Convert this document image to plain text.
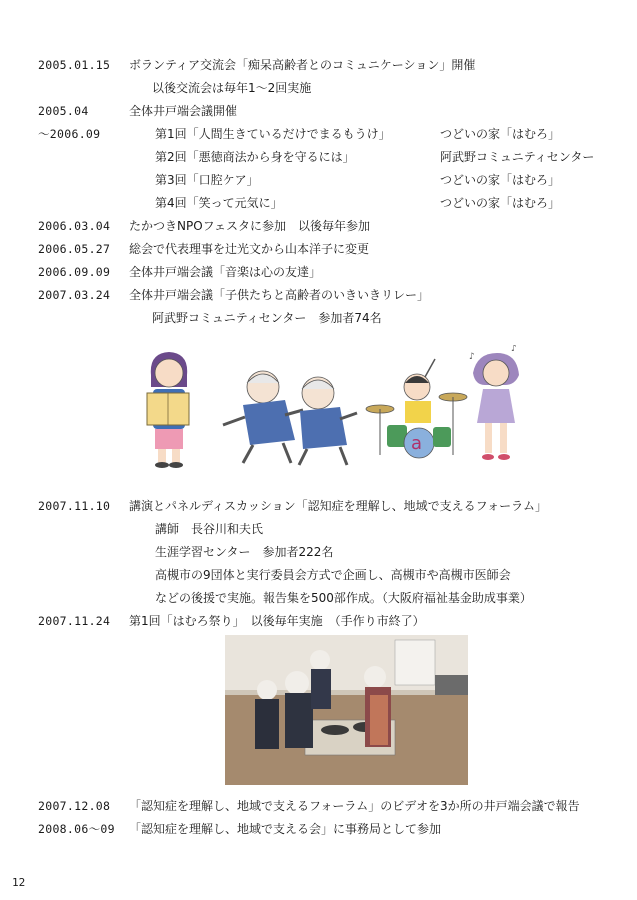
2005.01.15 ボランティア交流会「痴呆高齢者とのコミュニケーション」開催
以後交流会は毎年1～2回実施
2005.04	全体井戸端会議開催
～2006.09	第1回「人間生きているだけでまるもうけ」	つどいの家「はむろ」
第2回「悪徳商法から身を守るには」	阿武野コミュニティセンター
第3回「口腔ケア」	つどいの家「はむろ」
第4回「笑って元気に」	つどいの家「はむろ」
2006.03.04 たかつきNPOフェスタに参加　以後毎年参加
2006.05.27 総会で代表理事を辻光文から山本洋子に変更
2006.09.09 全体井戸端会議「音楽は心の友達」
2007.03.24 全体井戸端会議「子供たちと高齢者のいきいきリレー」
阿武野コミュニティセンター　参加者74名
a
♪
♪
2007.11.10 講演とパネルディスカッション「認知症を理解し、地域で支えるフォーラム」
講師　長谷川和夫氏
生涯学習センター　参加者222名
高槻市の9団体と実行委員会方式で企画し、高槻市や高槻市医師会
などの後援で実施。報告集を500部作成。（大阪府福祉基金助成事業）
2007.11.24 第1回「はむろ祭り」　以後毎年実施　（手作り市終了）
2007.12.08 「認知症を理解し、地域で支えるフォーラム」のビデオを3か所の井戸端会議で報告
2008.06～09 「認知症を理解し、地域で支える会」に事務局として参加
12
